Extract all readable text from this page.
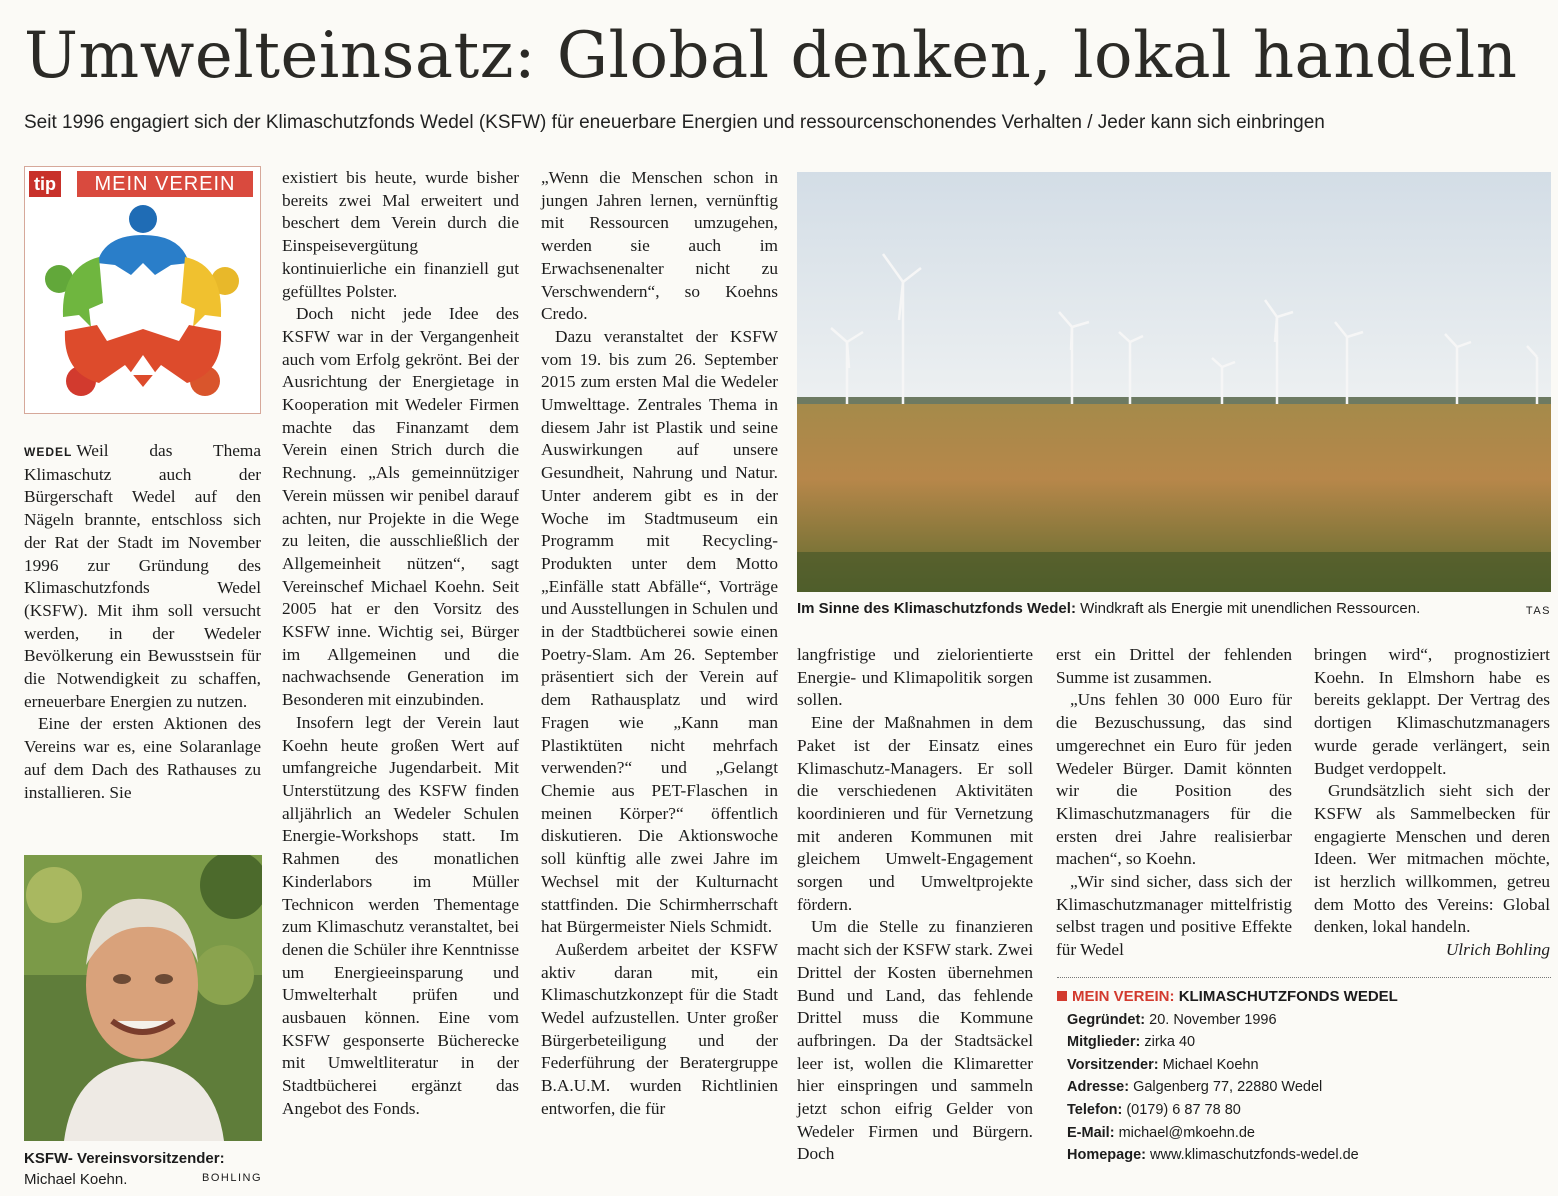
Umwelteinsatz: Global denken, lokal handeln
Seit 1996 engagiert sich der Klimaschutzfonds Wedel (KSFW) für eneuerbare Energien und ressourcenschonendes Verhalten / Jeder kann sich einbringen
tip	MEIN VEREIN

WEDEL Weil das Thema Klimaschutz auch der Bürgerschaft Wedel auf den Nägeln brannte, entschloss sich der Rat der Stadt im November 1996 zur Gründung des Klimaschutzfonds Wedel (KSFW). Mit ihm soll versucht werden, in der Wedeler Bevölkerung ein Bewusstsein für die Notwendigkeit zu schaffen, erneuerbare Energien zu nutzen.

Eine der ersten Aktionen des Vereins war es, eine Solaranlage auf dem Dach des Rathauses zu installieren. Sie

KSFW- Vereinsvorsitzender:
Michael Koehn.	BOHLING

existiert bis heute, wurde bisher bereits zwei Mal erweitert und beschert dem Verein durch die Einspeisevergütung kontinuierliche ein finanziell gut gefülltes Polster.

Doch nicht jede Idee des KSFW war in der Vergangenheit auch vom Erfolg gekrönt. Bei der Ausrichtung der Energietage in Kooperation mit Wedeler Firmen machte das Finanzamt dem Verein einen Strich durch die Rechnung. „Als gemeinnütziger Verein müssen wir penibel darauf achten, nur Projekte in die Wege zu leiten, die ausschließlich der Allgemeinheit nützen“, sagt Vereinschef Michael Koehn. Seit 2005 hat er den Vorsitz des KSFW inne. Wichtig sei, Bürger im Allgemeinen und die nachwachsende Generation im Besonderen mit einzubinden.

Insofern legt der Verein laut Koehn heute großen Wert auf umfangreiche Jugendarbeit. Mit Unterstützung des KSFW finden alljährlich an Wedeler Schulen Energie-Workshops statt. Im Rahmen des monatlichen Kinderlabors im Müller Technicon werden Thementage zum Klimaschutz veranstaltet, bei denen die Schüler ihre Kenntnisse um Energieeinsparung und Umwelterhalt prüfen und ausbauen können. Eine vom KSFW gesponserte Bücherecke mit Umweltliteratur in der Stadtbücherei ergänzt das Angebot des Fonds.

„Wenn die Menschen schon in jungen Jahren lernen, vernünftig mit Ressourcen umzugehen, werden sie auch im Erwachsenenalter nicht zu Verschwendern“, so Koehns Credo.

Dazu veranstaltet der KSFW vom 19. bis zum 26. September 2015 zum ersten Mal die Wedeler Umwelttage. Zentrales Thema in diesem Jahr ist Plastik und seine Auswirkungen auf unsere Gesundheit, Nahrung und Natur. Unter anderem gibt es in der Woche im Stadtmuseum ein Programm mit Recycling-Produkten unter dem Motto „Einfälle statt Abfälle“, Vorträge und Ausstellungen in Schulen und in der Stadtbücherei sowie einen Poetry-Slam. Am 26. September präsentiert sich der Verein auf dem Rathausplatz und wird Fragen wie „Kann man Plastiktüten nicht mehrfach verwenden?“ und „Gelangt Chemie aus PET-Flaschen in meinen Körper?“ öffentlich diskutieren. Die Aktionswoche soll künftig alle zwei Jahre im Wechsel mit der Kulturnacht stattfinden. Die Schirmherrschaft hat Bürgermeister Niels Schmidt.

Außerdem arbeitet der KSFW aktiv daran mit, ein Klimaschutzkonzept für die Stadt Wedel aufzustellen. Unter großer Bürgerbeteiligung und der Federführung der Beratergruppe B.A.U.M. wurden Richtlinien entworfen, die für

Im Sinne des Klimaschutzfonds Wedel: Windkraft als Energie mit unendlichen Ressourcen.	TAS

langfristige und zielorientierte Energie- und Klimapolitik sorgen sollen.

Eine der Maßnahmen in dem Paket ist der Einsatz eines Klimaschutz-Managers. Er soll die verschiedenen Aktivitäten koordinieren und für Vernetzung mit anderen Kommunen mit gleichem Umwelt-Engagement sorgen und Umweltprojekte fördern.

Um die Stelle zu finanzieren macht sich der KSFW stark. Zwei Drittel der Kosten übernehmen Bund und Land, das fehlende Drittel muss die Kommune aufbringen. Da der Stadtsäckel leer ist, wollen die Klimaretter hier einspringen und sammeln jetzt schon eifrig Gelder von Wedeler Firmen und Bürgern. Doch

erst ein Drittel der fehlenden Summe ist zusammen.

„Uns fehlen 30 000 Euro für die Bezuschussung, das sind umgerechnet ein Euro für jeden Wedeler Bürger. Damit könnten wir die Position des Klimaschutzmanagers für die ersten drei Jahre realisierbar machen“, so Koehn.

„Wir sind sicher, dass sich der Klimaschutzmanager mittelfristig selbst tragen und positive Effekte für Wedel

bringen wird“, prognostiziert Koehn. In Elmshorn habe es bereits geklappt. Der Vertrag des dortigen Klimaschutzmanagers wurde gerade verlängert, sein Budget verdoppelt.

Grundsätzlich sieht sich der KSFW als Sammelbecken für engagierte Menschen und deren Ideen. Wer mitmachen möchte, ist herzlich willkommen, getreu dem Motto des Vereins: Global denken, lokal handeln.
Ulrich Bohling

MEIN VEREIN: KLIMASCHUTZFONDS WEDEL
Gegründet: 20. November 1996
Mitglieder: zirka 40
Vorsitzender: Michael Koehn
Adresse: Galgenberg 77, 22880 Wedel
Telefon: (0179) 6 87 78 80
E-Mail: michael@mkoehn.de
Homepage: www.klimaschutzfonds-wedel.de
